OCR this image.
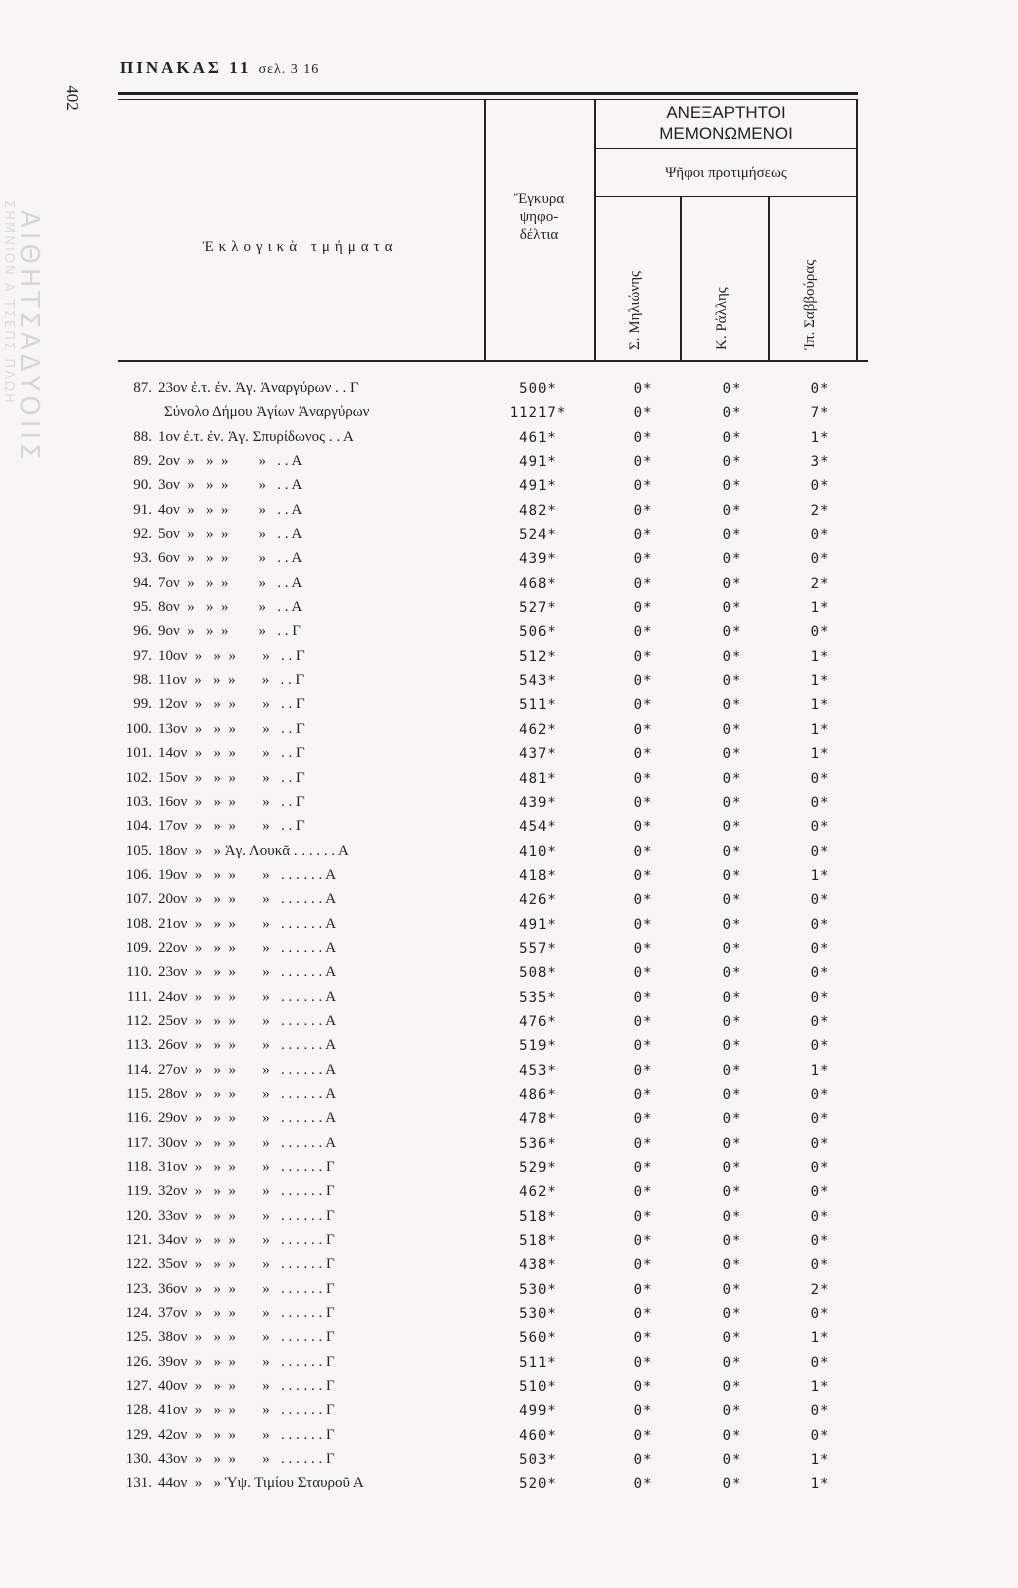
ΑΙΘΗΤΣΑΔΥΟΙΙΣ
ΣΗΜΝΙΟΝ Α ΤΣΕΠΣ ΠΛΩΗ
402
ΠΙΝΑΚΑΣ 11 σελ. 3 16
Ἐκλογικὰ τμήματα
Ἔγκυρα
ψηφο-
δέλτια
ΑΝΕΞΑΡΤΗΤΟΙ
ΜΕΜΟΝΩΜΕΝΟΙ
Ψῆφοι προτιμήσεως
Σ. Μηλιώνης	Κ. Ράλλης	Ἰπ. Σαββούρας
87. 23ον ἐ.τ. ἐν. Ἀγ. Ἀναργύρων . . Γ	500*	0*	0*	0*
Σύνολο Δήμου Ἁγίων Ἀναργύρων	11217*	0*	0*	7*
88. 1ον ἐ.τ. ἐν. Ἁγ. Σπυρίδωνος . . Α	461*	0*	0*	1*
89. 2ον  »   »  »        »   . . Α	491*	0*	0*	3*
90. 3ον  »   »  »        »   . . Α	491*	0*	0*	0*
91. 4ον  »   »  »        »   . . Α	482*	0*	0*	2*
92. 5ον  »   »  »        »   . . Α	524*	0*	0*	0*
93. 6ον  »   »  »        »   . . Α	439*	0*	0*	0*
94. 7ον  »   »  »        »   . . Α	468*	0*	0*	2*
95. 8ον  »   »  »        »   . . Α	527*	0*	0*	1*
96. 9ον  »   »  »        »   . . Γ	506*	0*	0*	0*
97. 10ον  »   »  »       »   . . Γ	512*	0*	0*	1*
98. 11ον  »   »  »       »   . . Γ	543*	0*	0*	1*
99. 12ον  »   »  »       »   . . Γ	511*	0*	0*	1*
100. 13ον  »   »  »       »   . . Γ	462*	0*	0*	1*
101. 14ον  »   »  »       »   . . Γ	437*	0*	0*	1*
102. 15ον  »   »  »       »   . . Γ	481*	0*	0*	0*
103. 16ον  »   »  »       »   . . Γ	439*	0*	0*	0*
104. 17ον  »   »  »       »   . . Γ	454*	0*	0*	0*
105. 18ον  »   » Ἁγ. Λουκᾶ . . . . . . Α	410*	0*	0*	0*
106. 19ον  »   »  »       »   . . . . . . Α	418*	0*	0*	1*
107. 20ον  »   »  »       »   . . . . . . Α	426*	0*	0*	0*
108. 21ον  »   »  »       »   . . . . . . Α	491*	0*	0*	0*
109. 22ον  »   »  »       »   . . . . . . Α	557*	0*	0*	0*
110. 23ον  »   »  »       »   . . . . . . Α	508*	0*	0*	0*
111. 24ον  »   »  »       »   . . . . . . Α	535*	0*	0*	0*
112. 25ον  »   »  »       »   . . . . . . Α	476*	0*	0*	0*
113. 26ον  »   »  »       »   . . . . . . Α	519*	0*	0*	0*
114. 27ον  »   »  »       »   . . . . . . Α	453*	0*	0*	1*
115. 28ον  »   »  »       »   . . . . . . Α	486*	0*	0*	0*
116. 29ον  »   »  »       »   . . . . . . Α	478*	0*	0*	0*
117. 30ον  »   »  »       »   . . . . . . Α	536*	0*	0*	0*
118. 31ον  »   »  »       »   . . . . . . Γ	529*	0*	0*	0*
119. 32ον  »   »  »       »   . . . . . . Γ	462*	0*	0*	0*
120. 33ον  »   »  »       »   . . . . . . Γ	518*	0*	0*	0*
121. 34ον  »   »  »       »   . . . . . . Γ	518*	0*	0*	0*
122. 35ον  »   »  »       »   . . . . . . Γ	438*	0*	0*	0*
123. 36ον  »   »  »       »   . . . . . . Γ	530*	0*	0*	2*
124. 37ον  »   »  »       »   . . . . . . Γ	530*	0*	0*	0*
125. 38ον  »   »  »       »   . . . . . . Γ	560*	0*	0*	1*
126. 39ον  »   »  »       »   . . . . . . Γ	511*	0*	0*	0*
127. 40ον  »   »  »       »   . . . . . . Γ	510*	0*	0*	1*
128. 41ον  »   »  »       »   . . . . . . Γ	499*	0*	0*	0*
129. 42ον  »   »  »       »   . . . . . . Γ	460*	0*	0*	0*
130. 43ον  »   »  »       »   . . . . . . Γ	503*	0*	0*	1*
131. 44ον  »   » Ὑψ. Τιμίου Σταυροῦ Α	520*	0*	0*	1*
